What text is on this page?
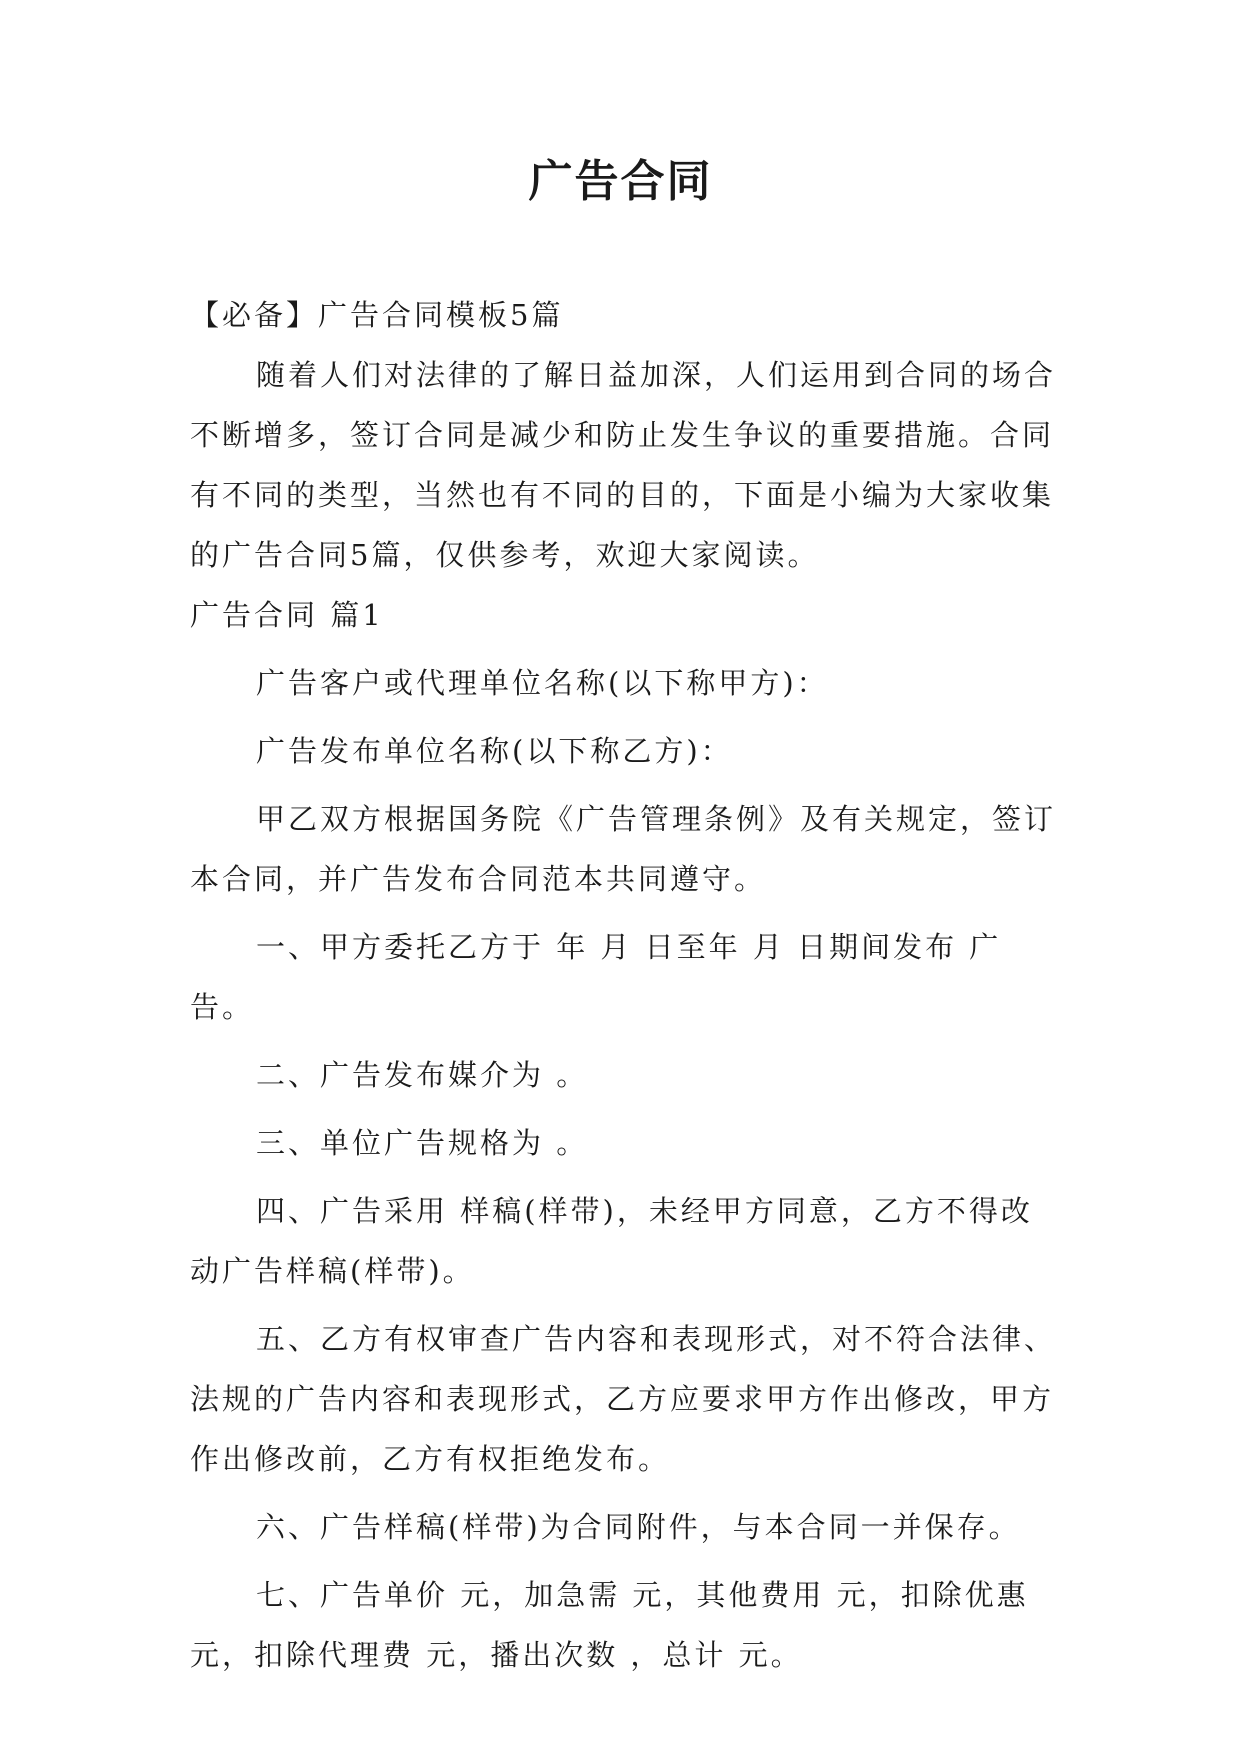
广告合同

【必备】广告合同模板5篇

随着人们对法律的了解日益加深，人们运用到合同的场合不断增多，签订合同是减少和防止发生争议的重要措施。合同有不同的类型，当然也有不同的目的，下面是小编为大家收集的广告合同5篇，仅供参考，欢迎大家阅读。

广告合同 篇1

广告客户或代理单位名称(以下称甲方)：

广告发布单位名称(以下称乙方)：

甲乙双方根据国务院《广告管理条例》及有关规定，签订本合同，并广告发布合同范本共同遵守。

一、甲方委托乙方于 年 月 日至年 月 日期间发布 广告。

二、广告发布媒介为 。

三、单位广告规格为 。

四、广告采用 样稿(样带)，未经甲方同意，乙方不得改动广告样稿(样带)。

五、乙方有权审查广告内容和表现形式，对不符合法律、法规的广告内容和表现形式，乙方应要求甲方作出修改，甲方作出修改前，乙方有权拒绝发布。

六、广告样稿(样带)为合同附件，与本合同一并保存。

七、广告单价 元，加急需 元，其他费用 元，扣除优惠 元，扣除代理费 元，播出次数 ，总计 元。
